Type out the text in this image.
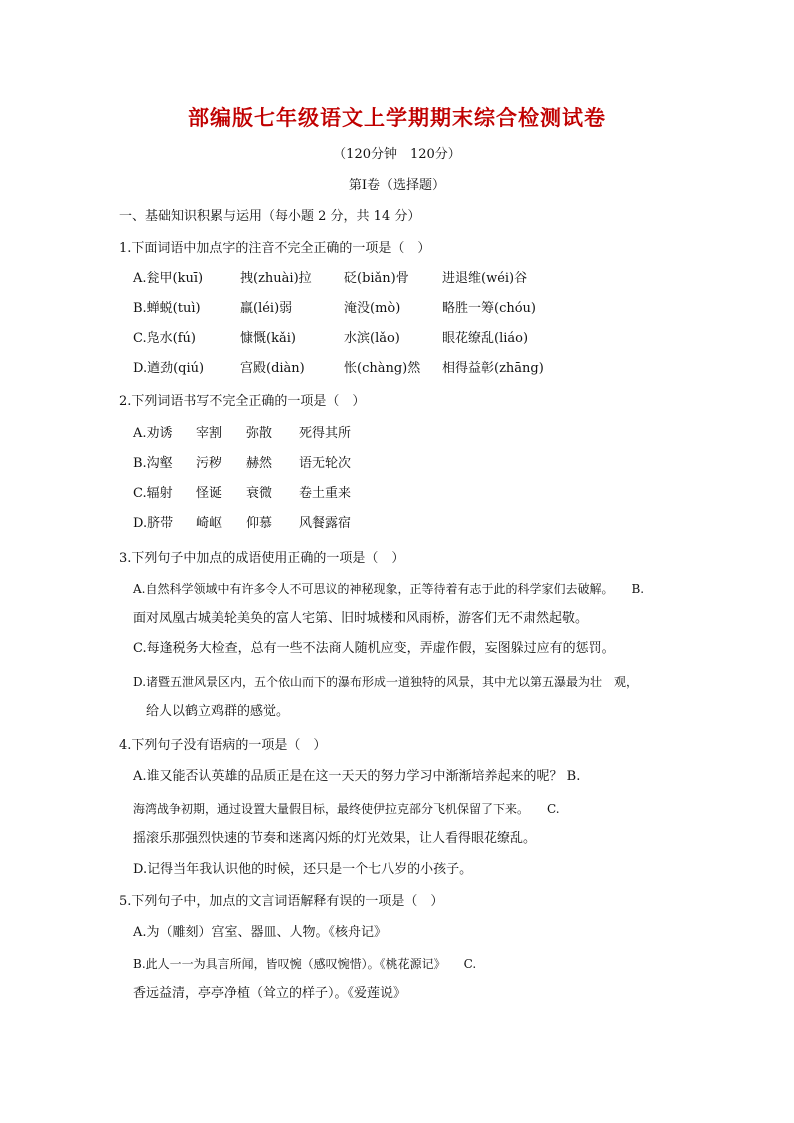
部编版七年级语文上学期期末综合检测试卷
（120分钟　120分）
第Ⅰ卷（选择题）
一、基础知识积累与运用（每小题 2 分，共 14 分）
1.下面词语中加点字的注音不完全正确的一项是（　）
A.瓮甲(kuī)	拽(zhuài)拉 砭(biǎn)骨	进退维(wéi)谷
B.蝉蜕(tuì)	羸(léi)弱	淹没(mò)	略胜一筹(chóu)
C.凫水(fú)	慷慨(kǎi)	水滨(lǎo)	眼花缭乱(liáo)
D.遒劲(qiú)	宫殿(diàn)	怅(chàng)然 相得益彰(zhāng)
2.下列词语书写不完全正确的一项是（　）
A.劝诱 宰割 弥散 死得其所
B.沟壑 污秽 赫然 语无轮次
C.辐射 怪诞 衰微 卷土重来
D.脐带 崎岖 仰慕 风餐露宿
3.下列句子中加点的成语使用正确的一项是（　）
A.自然科学领域中有许多令人不可思议的神秘现象，正等待着有志于此的科学家们去破解。　　B.
面对凤凰古城美轮美奂的富人宅第、旧时城楼和风雨桥，游客们无不肃然起敬。
C.每逢税务大检查，总有一些不法商人随机应变，弄虚作假，妄图躲过应有的惩罚。
D.诸暨五泄风景区内，五个依山而下的瀑布形成一道独特的风景，其中尤以第五瀑最为壮　观，
给人以鹤立鸡群的感觉。
4.下列句子没有语病的一项是（　）
A.谁又能否认英雄的品质正是在这一天天的努力学习中渐渐培养起来的呢？ B.
海湾战争初期，通过设置大量假目标，最终使伊拉克部分飞机保留了下来。　　C.
摇滚乐那强烈快速的节奏和迷离闪烁的灯光效果，让人看得眼花缭乱。
D.记得当年我认识他的时候，还只是一个七八岁的小孩子。
5.下列句子中，加点的文言词语解释有误的一项是（　）
A.为（雕刻）宫室、器皿、人物。《核舟记》
B.此人一一为具言所闻，皆叹惋（感叹惋惜）。《桃花源记》　　C.
香远益清，亭亭净植（耸立的样子）。《爱莲说》
